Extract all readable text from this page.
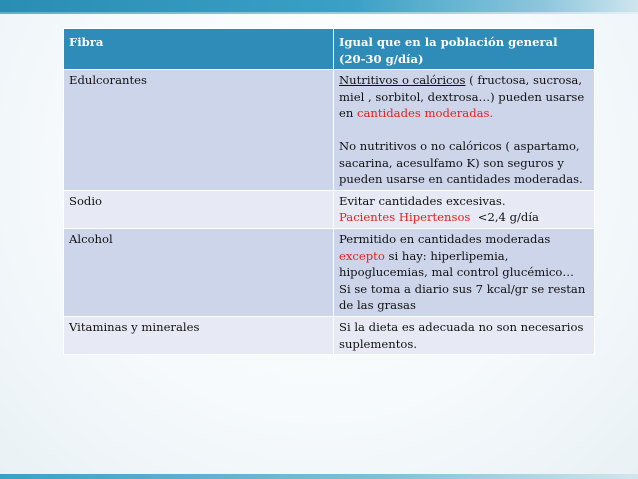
Fibra	Igual que en la población general
(20-30 g/día)
Edulcorantes	Nutritivos o calóricos ( fructosa, sucrosa, miel , sorbitol, dextrosa…) pueden usarse en cantidades moderadas.
No nutritivos o no calóricos ( aspartamo, sacarina, acesulfamo K) son seguros y pueden usarse en cantidades moderadas.
Sodio	Evitar cantidades excesivas.
Pacientes Hipertensos  <2,4 g/día
Alcohol	Permitido en cantidades moderadas
excepto si hay: hiperlipemia, hipoglucemias, mal control glucémico…
Si se toma a diario sus 7 kcal/gr se restan de las grasas
Vitaminas y minerales	Si la dieta es adecuada no son necesarios suplementos.
